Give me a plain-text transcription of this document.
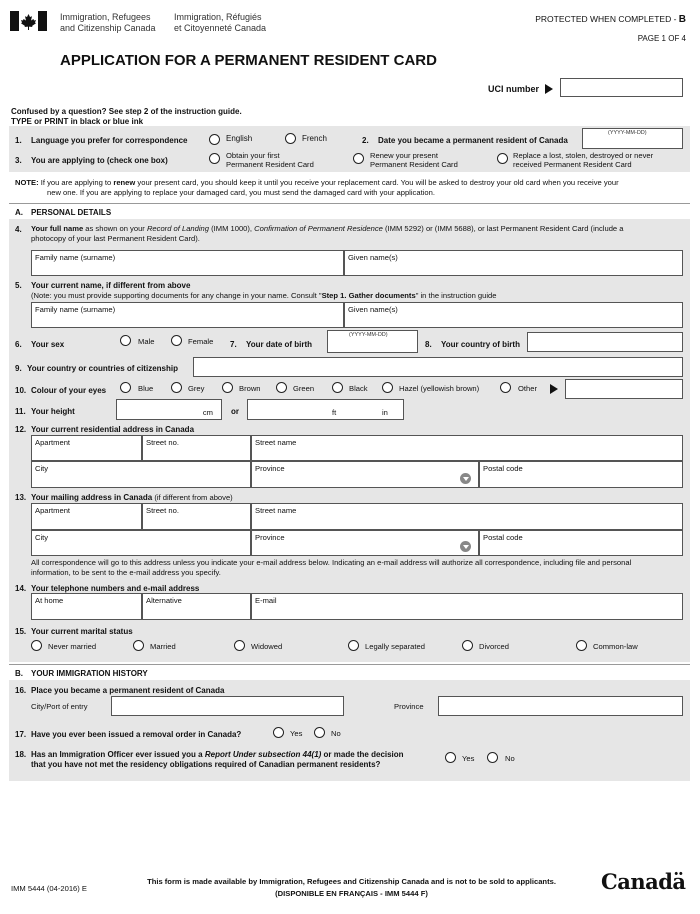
Immigration, Refugees
and Citizenship Canada
Immigration, Réfugiés
et Citoyenneté Canada
PROTECTED WHEN COMPLETED - B
PAGE 1 OF 4
APPLICATION FOR A PERMANENT RESIDENT CARD
UCI number
Confused by a question? See step 2 of the instruction guide.
TYPE or PRINT in black or blue ink
1. Language you prefer for correspondence	English	French	2. Date you became a permanent resident of Canada
(YYYY-MM-DD)
3. You are applying to (check one box)
Obtain your first
Permanent Resident Card
Renew your present
Permanent Resident Card
Replace a lost, stolen, destroyed or never
received Permanent Resident Card
NOTE: If you are applying to renew your present card, you should keep it until you receive your replacement card. You will be asked to destroy your old card when you receive your
new one. If you are applying to replace your damaged card, you must send the damaged card with your application.
A. PERSONAL DETAILS
4. Your full name as shown on your Record of Landing (IMM 1000), Confirmation of Permanent Residence (IMM 5292) or (IMM 5688), or last Permanent Resident Card (include a
photocopy of your last Permanent Resident Card).
Family name (surname)	Given name(s)
5. Your current name, if different from above
(Note: you must provide supporting documents for any change in your name. Consult "Step 1. Gather documents" in the instruction guide
Family name (surname)	Given name(s)
6. Your sex	Male	Female 7. Your date of birth
(YYYY-MM-DD)
8. Your country of birth
9. Your country or countries of citizenship
10. Colour of your eyes	Blue	Grey	Brown	Green	Black	Hazel (yellowish brown)	Other
11. Your height	cm or	ft	in
12. Your current residential address in Canada
Apartment	Street no.	Street name
City	Province	Postal code
13. Your mailing address in Canada (if different from above)
Apartment	Street no.	Street name
City	Province	Postal code
All correspondence will go to this address unless you indicate your e-mail address below. Indicating an e-mail address will authorize all correspondence, including file and personal
information, to be sent to the e-mail address you specify.
14. Your telephone numbers and e-mail address
At home	Alternative	E-mail
15. Your current marital status
Never married	Married	Widowed	Legally separated	Divorced	Common-law
B. YOUR IMMIGRATION HISTORY
16. Place you became a permanent resident of Canada
City/Port of entry	Province
17. Have you ever been issued a removal order in Canada?	Yes	No
18. Has an Immigration Officer ever issued you a Report Under subsection 44(1) or made the decision
that you have not met the residency obligations required of Canadian permanent residents?
Yes	No
IMM 5444 (04-2016) E
This form is made available by Immigration, Refugees and Citizenship Canada and is not to be sold to applicants.
(DISPONIBLE EN FRANÇAIS - IMM 5444 F)	Canadä
